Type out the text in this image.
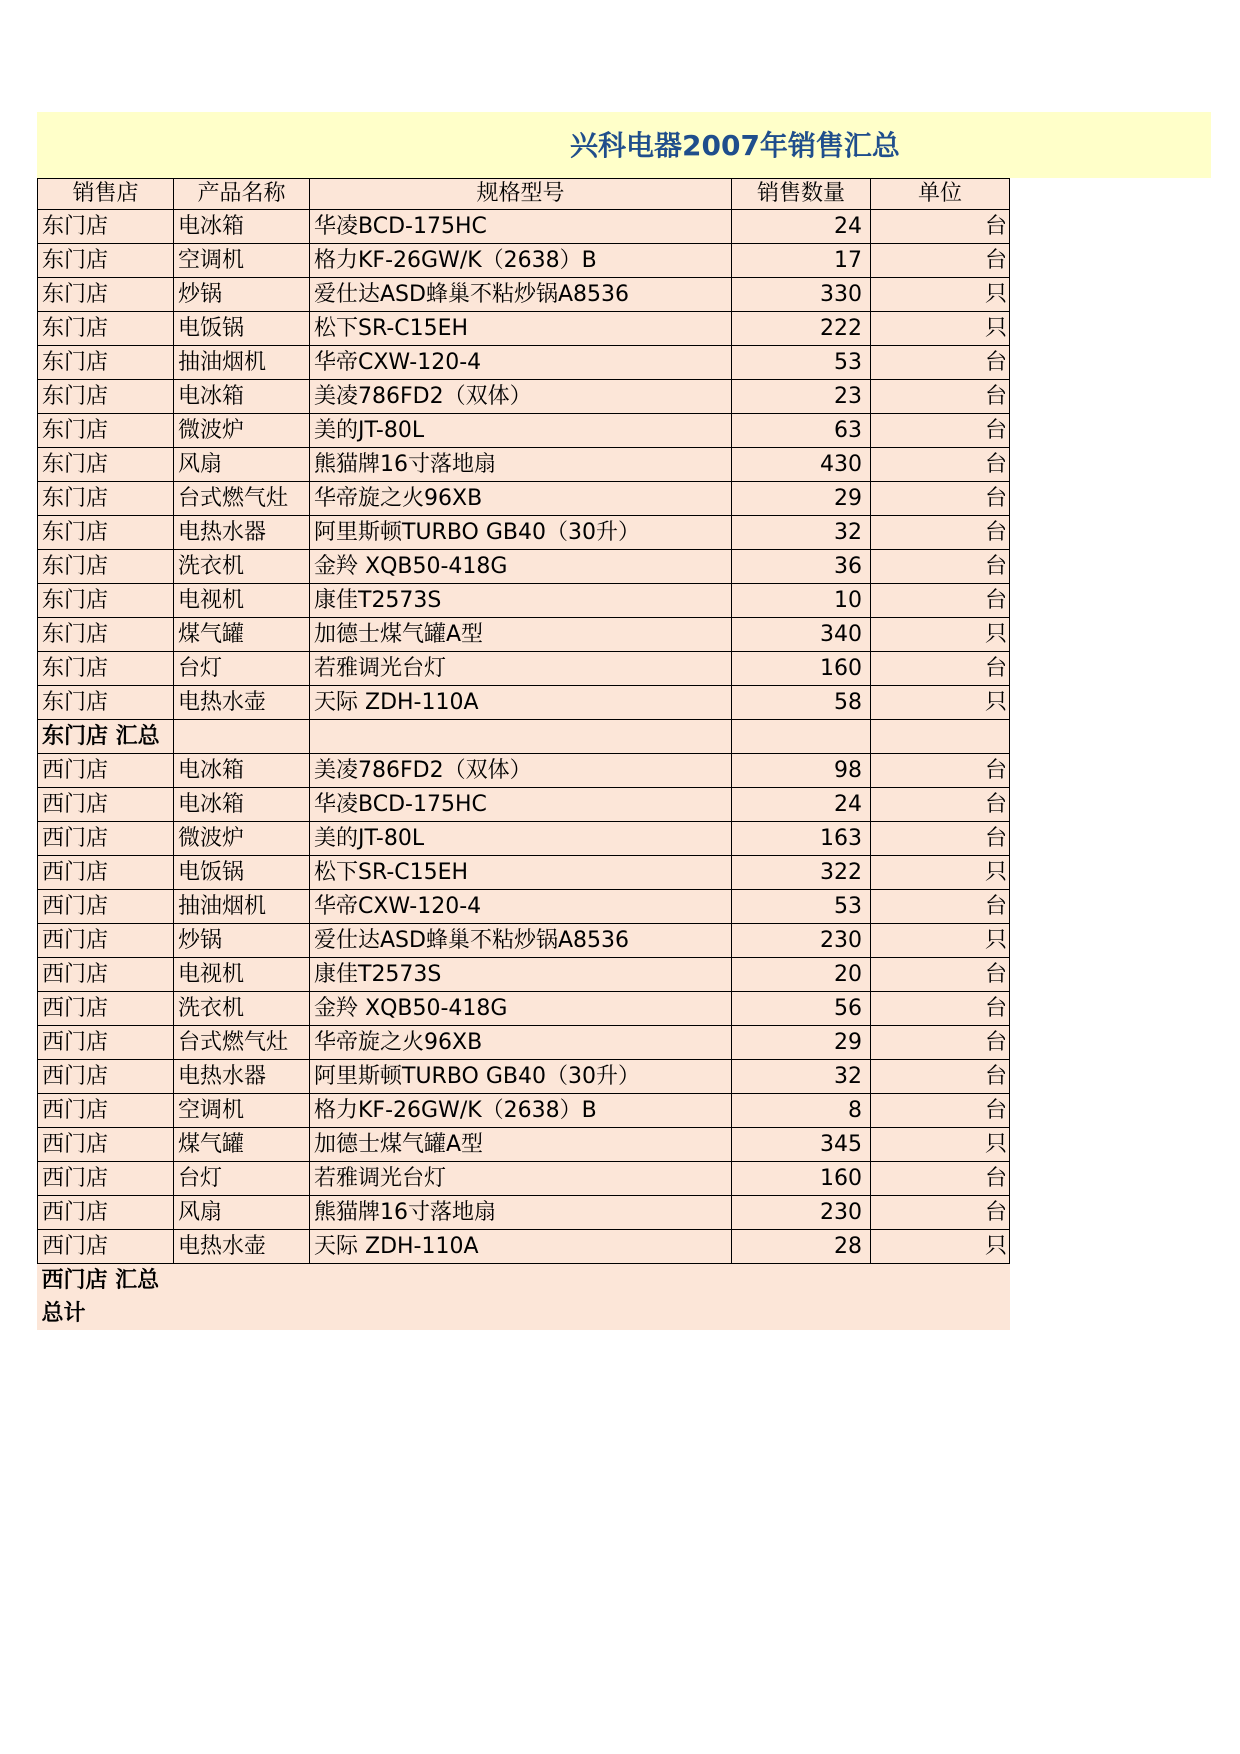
兴科电器2007年销售汇总
销售店	产品名称	规格型号	销售数量	单位
东门店	电冰箱	华凌BCD-175HC	24	台
东门店	空调机	格力KF-26GW/K（2638）B	17	台
东门店	炒锅	爱仕达ASD蜂巢不粘炒锅A8536	330	只
东门店	电饭锅	松下SR-C15EH	222	只
东门店	抽油烟机	华帝CXW-120-4	53	台
东门店	电冰箱	美凌786FD2（双体）	23	台
东门店	微波炉	美的JT-80L	63	台
东门店	风扇	熊猫牌16寸落地扇	430	台
东门店	台式燃气灶	华帝旋之火96XB	29	台
东门店	电热水器	阿里斯顿TURBO GB40（30升）	32	台
东门店	洗衣机	金羚 XQB50-418G	36	台
东门店	电视机	康佳T2573S	10	台
东门店	煤气罐	加德士煤气罐A型	340	只
东门店	台灯	若雅调光台灯	160	台
东门店	电热水壶	天际 ZDH-110A	58	只
东门店 汇总				
西门店	电冰箱	美凌786FD2（双体）	98	台
西门店	电冰箱	华凌BCD-175HC	24	台
西门店	微波炉	美的JT-80L	163	台
西门店	电饭锅	松下SR-C15EH	322	只
西门店	抽油烟机	华帝CXW-120-4	53	台
西门店	炒锅	爱仕达ASD蜂巢不粘炒锅A8536	230	只
西门店	电视机	康佳T2573S	20	台
西门店	洗衣机	金羚 XQB50-418G	56	台
西门店	台式燃气灶	华帝旋之火96XB	29	台
西门店	电热水器	阿里斯顿TURBO GB40（30升）	32	台
西门店	空调机	格力KF-26GW/K（2638）B	8	台
西门店	煤气罐	加德士煤气罐A型	345	只
西门店	台灯	若雅调光台灯	160	台
西门店	风扇	熊猫牌16寸落地扇	230	台
西门店	电热水壶	天际 ZDH-110A	28	只
西门店 汇总				
总计				
